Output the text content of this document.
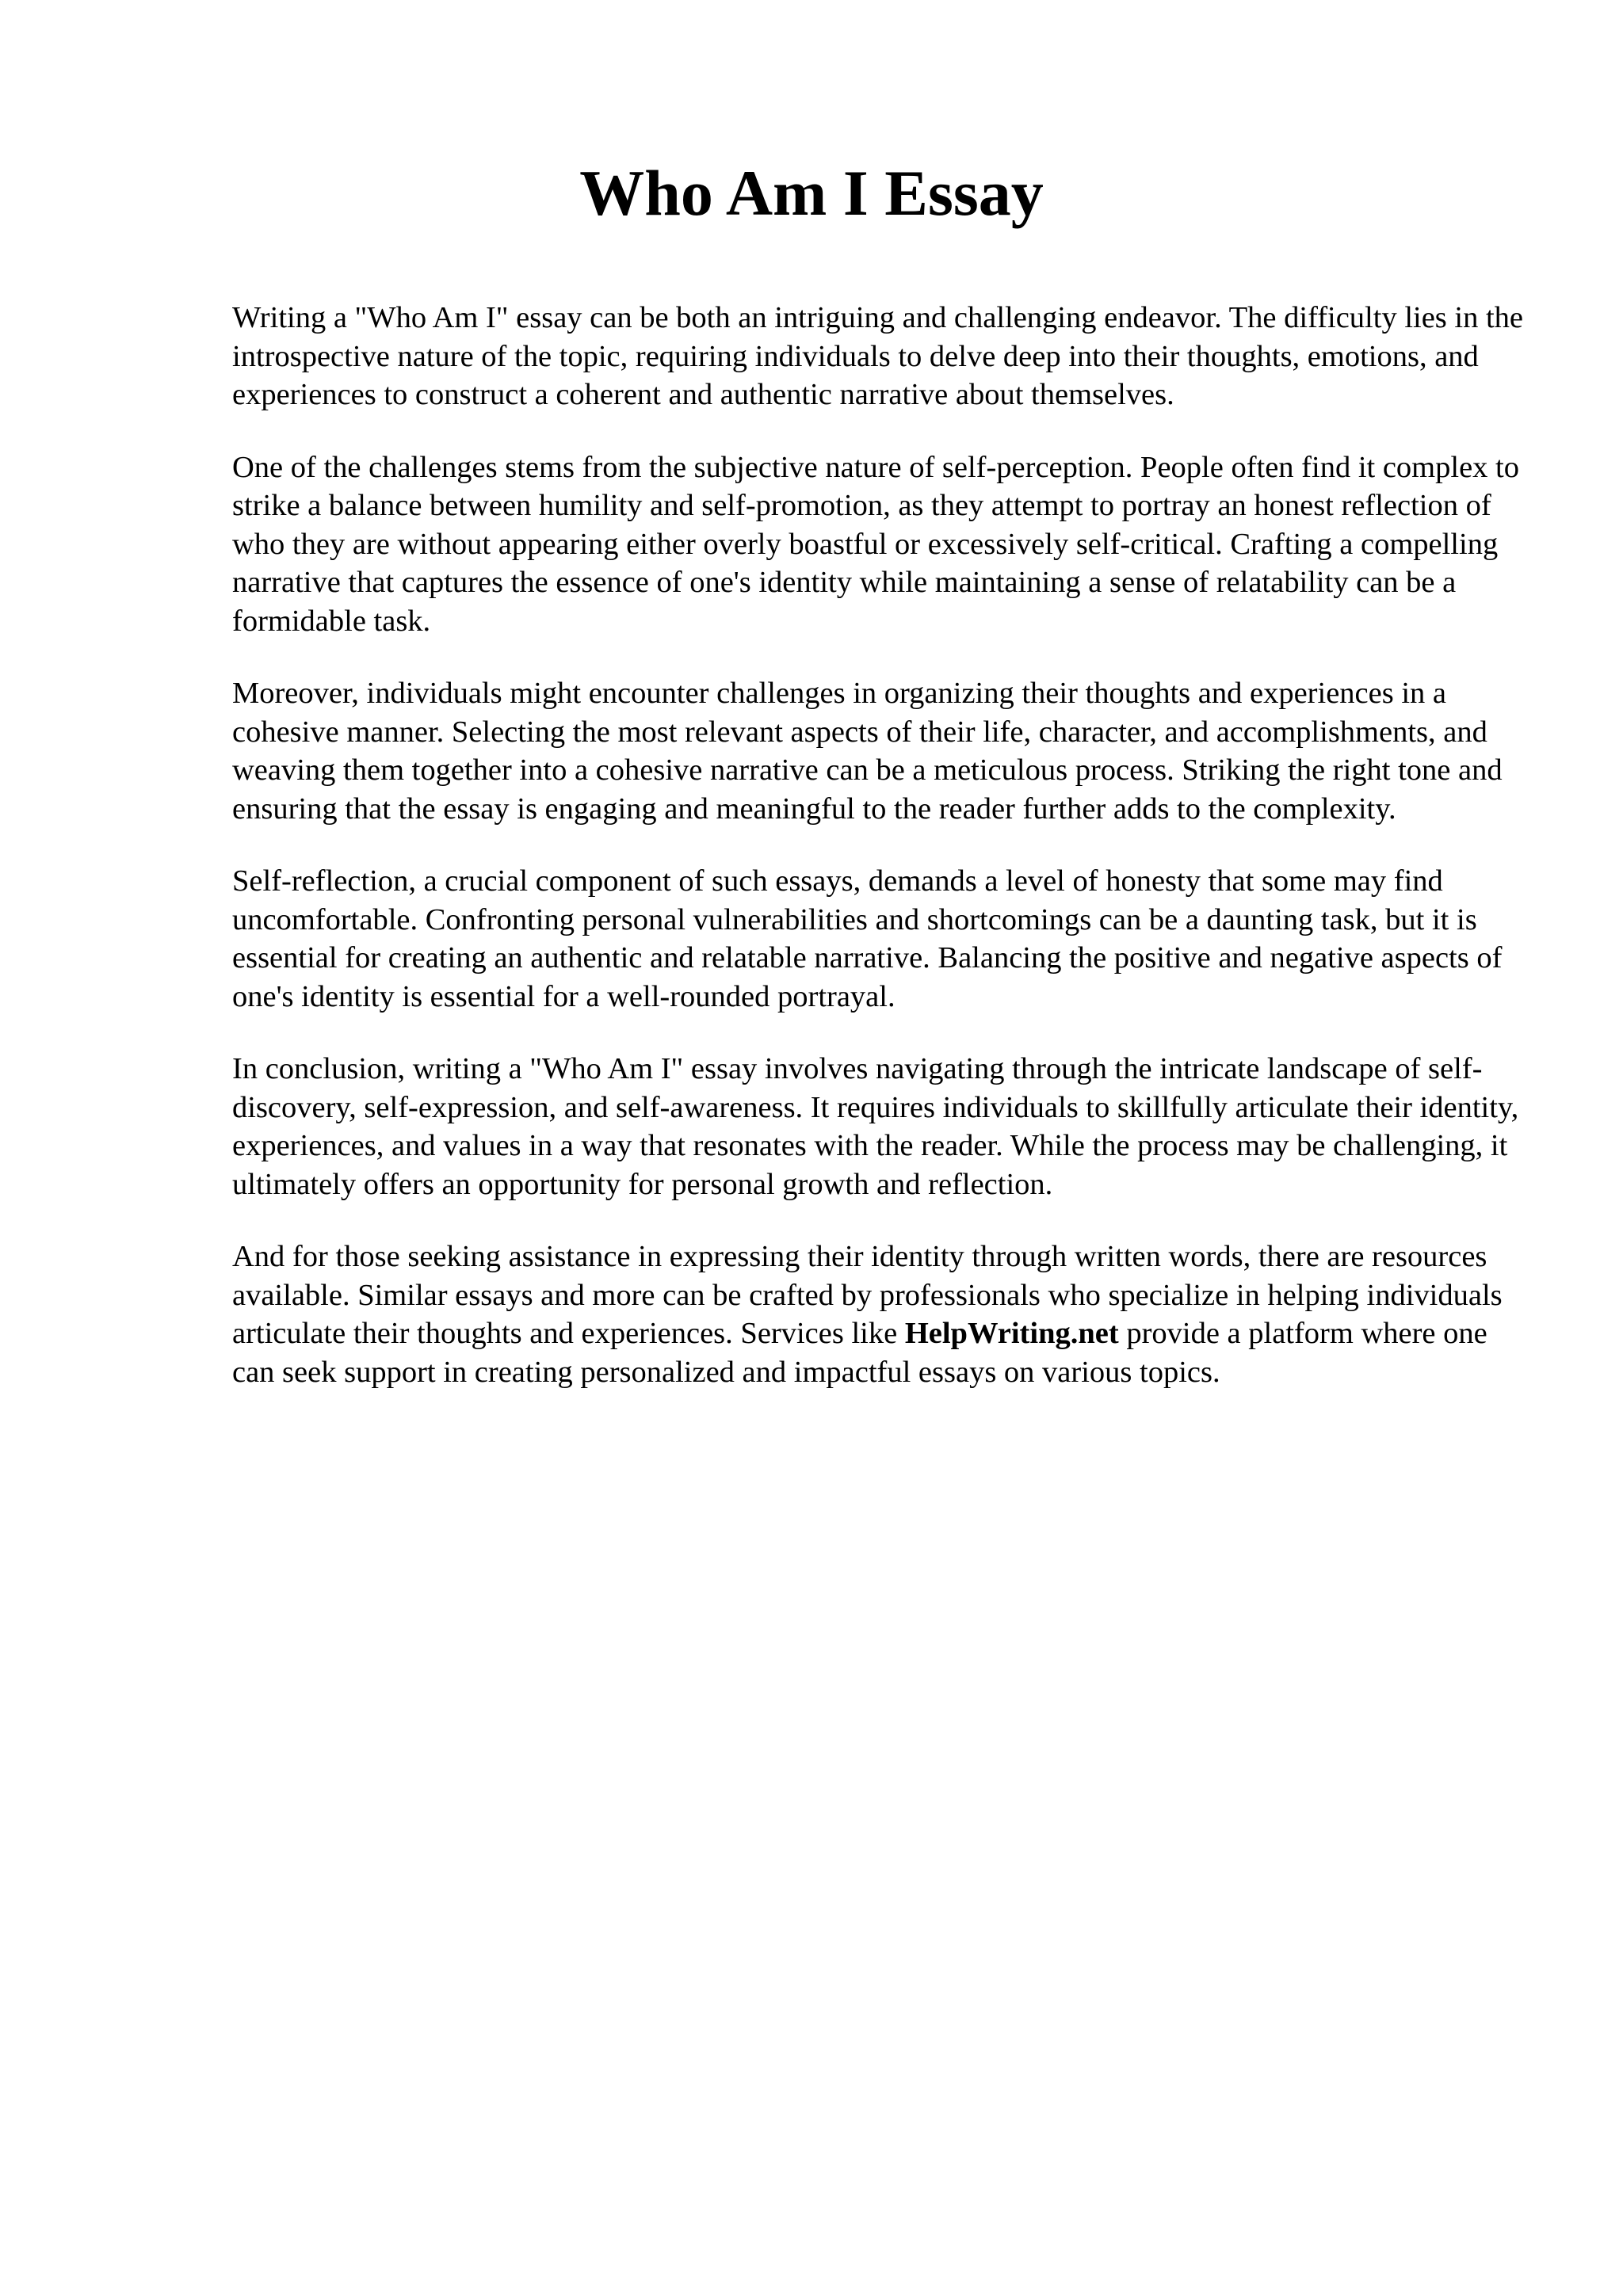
Who Am I Essay

Writing a "Who Am I" essay can be both an intriguing and challenging endeavor. The difficulty lies in the introspective nature of the topic, requiring individuals to delve deep into their thoughts, emotions, and experiences to construct a coherent and authentic narrative about themselves.

One of the challenges stems from the subjective nature of self-perception. People often find it complex to strike a balance between humility and self-promotion, as they attempt to portray an honest reflection of who they are without appearing either overly boastful or excessively self-critical. Crafting a compelling narrative that captures the essence of one's identity while maintaining a sense of relatability can be a formidable task.

Moreover, individuals might encounter challenges in organizing their thoughts and experiences in a cohesive manner. Selecting the most relevant aspects of their life, character, and accomplishments, and weaving them together into a cohesive narrative can be a meticulous process. Striking the right tone and ensuring that the essay is engaging and meaningful to the reader further adds to the complexity.

Self-reflection, a crucial component of such essays, demands a level of honesty that some may find uncomfortable. Confronting personal vulnerabilities and shortcomings can be a daunting task, but it is essential for creating an authentic and relatable narrative. Balancing the positive and negative aspects of one's identity is essential for a well-rounded portrayal.

In conclusion, writing a "Who Am I" essay involves navigating through the intricate landscape of self-discovery, self-expression, and self-awareness. It requires individuals to skillfully articulate their identity, experiences, and values in a way that resonates with the reader. While the process may be challenging, it ultimately offers an opportunity for personal growth and reflection.

And for those seeking assistance in expressing their identity through written words, there are resources available. Similar essays and more can be crafted by professionals who specialize in helping individuals articulate their thoughts and experiences. Services like HelpWriting.net provide a platform where one can seek support in creating personalized and impactful essays on various topics.
